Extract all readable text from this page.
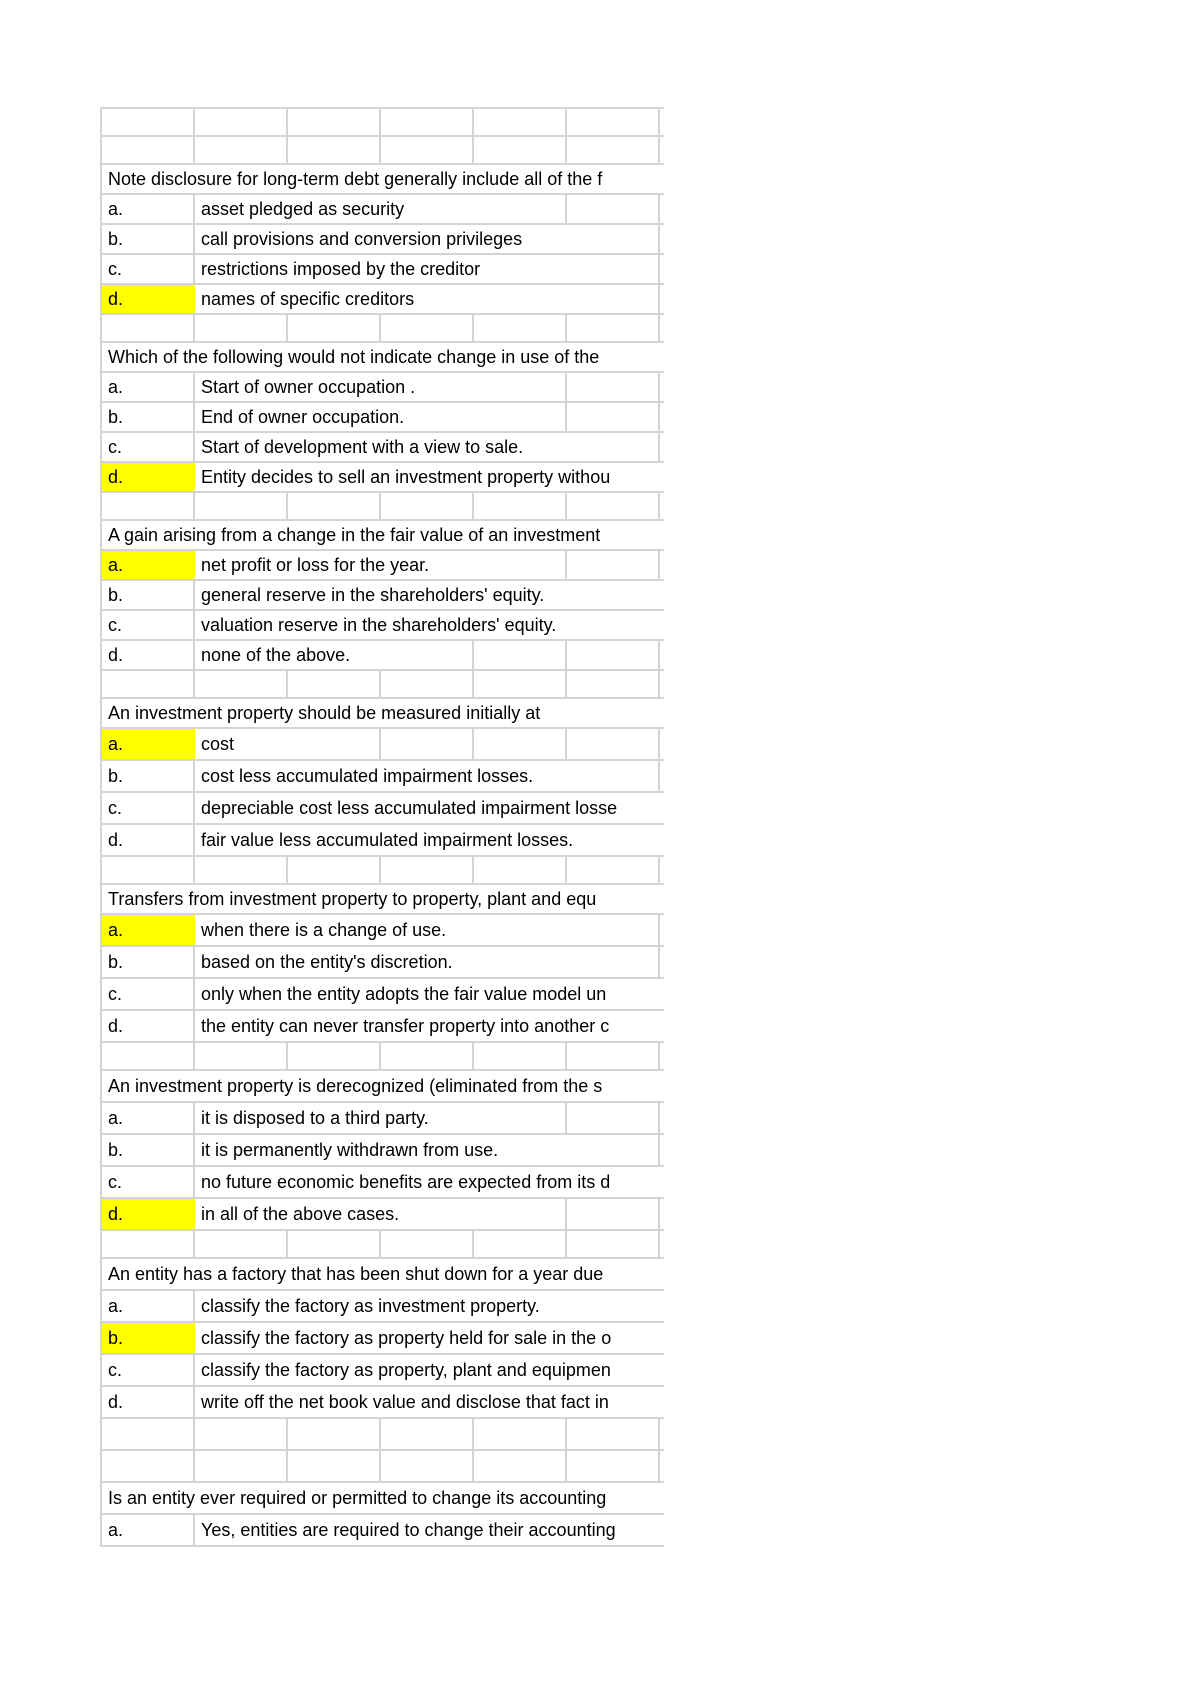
Note disclosure for long-term debt generally include all of the f
a.	asset pledged as security
b.	call provisions and conversion privileges
c.	restrictions imposed by the creditor
d.	names of specific creditors
Which of the following would not indicate change in use of the
a.	Start of owner occupation .
b.	End of owner occupation.
c.	Start of development with a view to sale.
d.	Entity decides to sell an investment property withou
A gain arising from a change in the fair value of an investment
a.	net profit or loss for the year.
b.	general reserve in the shareholders' equity.
c.	valuation reserve in the shareholders' equity.
d.	none of the above.
An investment property should be measured initially at
a.	cost
b.	cost less accumulated impairment losses.
c.	depreciable cost less accumulated impairment losse
d.	fair value less accumulated impairment losses.
Transfers from investment property to property, plant and equ
a.	when there is a change of use.
b.	based on the entity's discretion.
c.	only when the entity adopts the fair value model un
d.	the entity can never transfer property into another c
An investment property is derecognized (eliminated from the s
a.	it is disposed to a third party.
b.	it is permanently withdrawn from use.
c.	no future economic benefits are expected from its d
d.	in all of the above cases.
An entity has a factory that has been shut down for a year due
a.	classify the factory as investment property.
b.	classify the factory as property held for sale in the o
c.	classify the factory as property, plant and equipmen
d.	write off the net book value and disclose that fact in
Is an entity ever required or permitted to change its accounting
a.	Yes, entities are required to change their accounting
